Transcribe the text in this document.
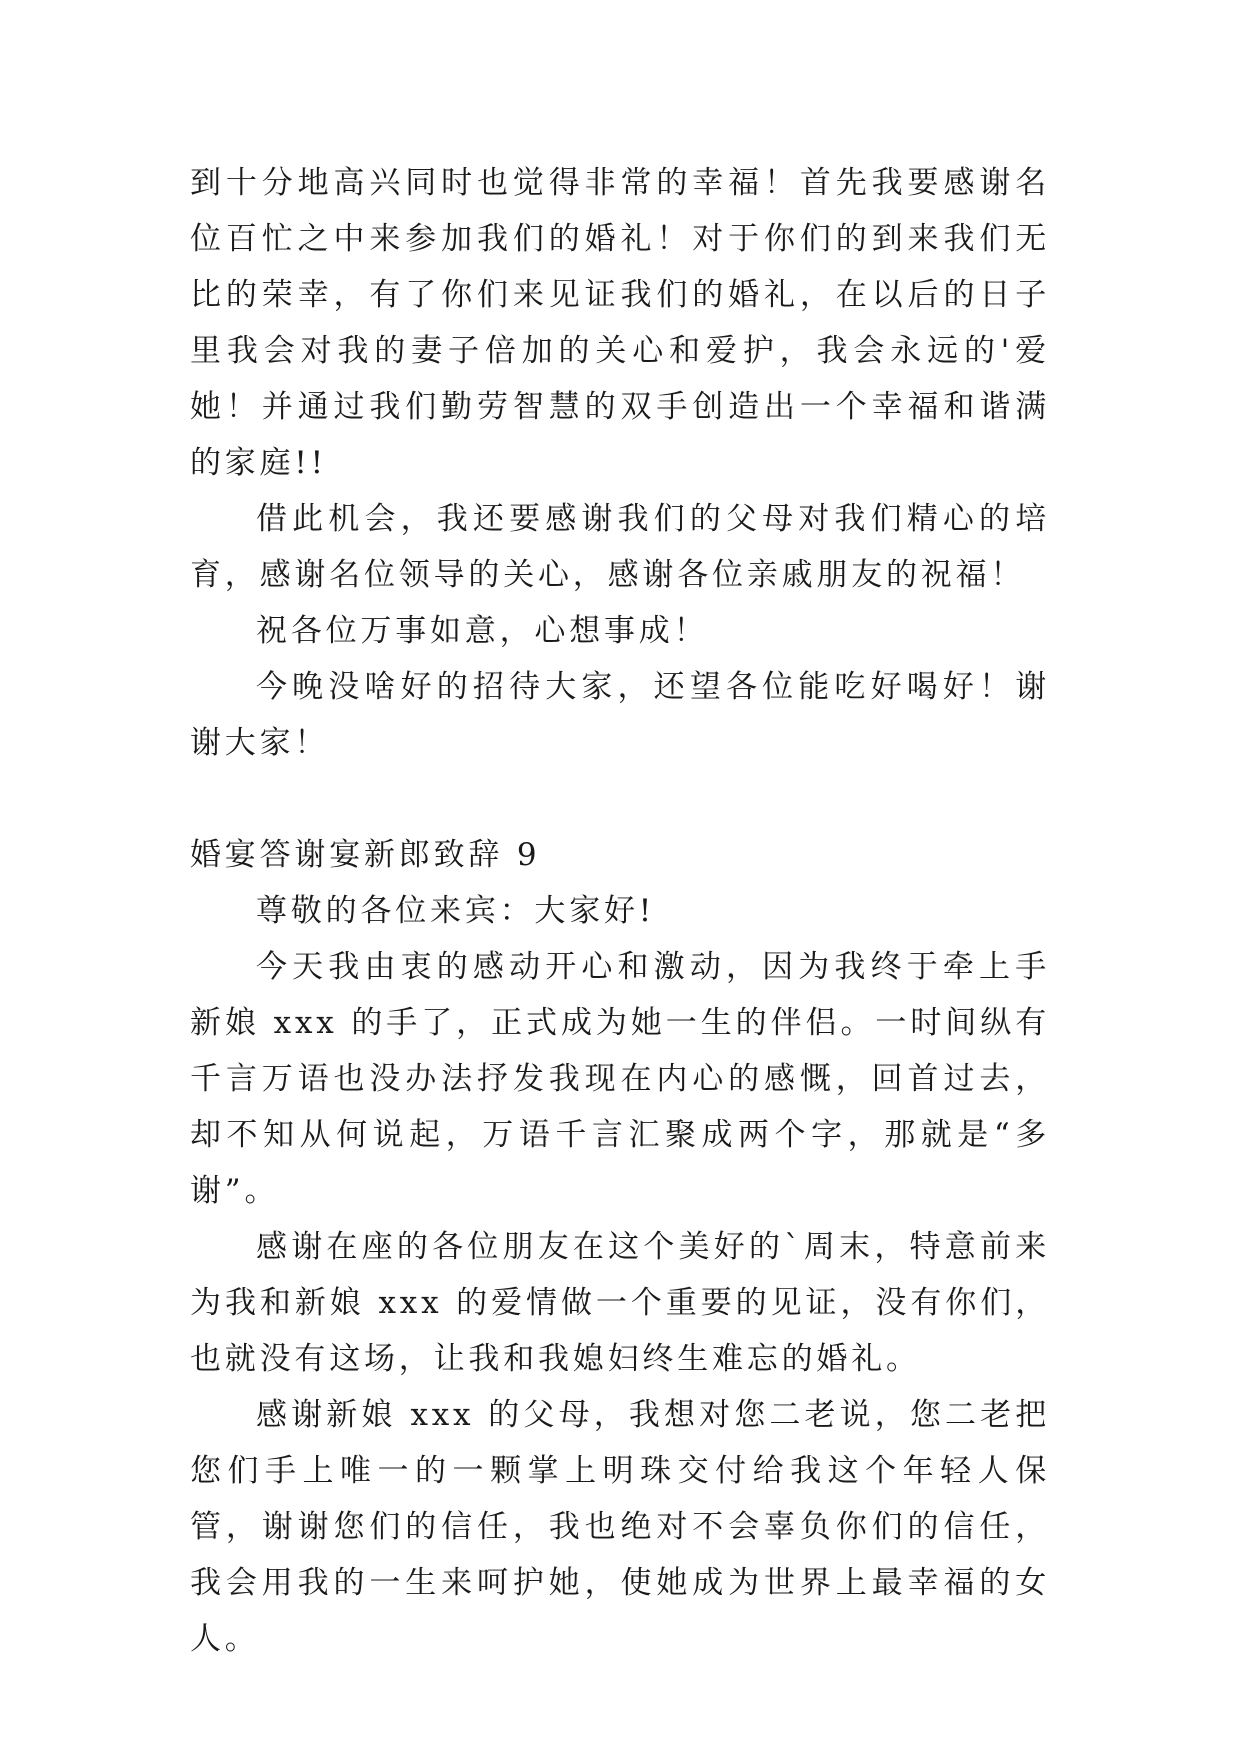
到十分地高兴同时也觉得非常的幸福！首先我要感谢名位百忙之中来参加我们的婚礼！对于你们的到来我们无比的荣幸，有了你们来见证我们的婚礼，在以后的日子里我会对我的妻子倍加的关心和爱护，我会永远的'爱她！并通过我们勤劳智慧的双手创造出一个幸福和谐满的家庭!!

借此机会，我还要感谢我们的父母对我们精心的培育，感谢名位领导的关心，感谢各位亲戚朋友的祝福！

祝各位万事如意，心想事成！

今晚没啥好的招待大家，还望各位能吃好喝好！谢谢大家！

婚宴答谢宴新郎致辞 9

尊敬的各位来宾：大家好!

今天我由衷的感动开心和激动，因为我终于牵上手新娘 xxx 的手了，正式成为她一生的伴侣。一时间纵有千言万语也没办法抒发我现在内心的感慨，回首过去，却不知从何说起，万语千言汇聚成两个字，那就是“多谢”。

感谢在座的各位朋友在这个美好的`周末，特意前来为我和新娘 xxx 的爱情做一个重要的见证，没有你们，也就没有这场，让我和我媳妇终生难忘的婚礼。

感谢新娘 xxx 的父母，我想对您二老说，您二老把您们手上唯一的一颗掌上明珠交付给我这个年轻人保管，谢谢您们的信任，我也绝对不会辜负你们的信任，我会用我的一生来呵护她，使她成为世界上最幸福的女人。
